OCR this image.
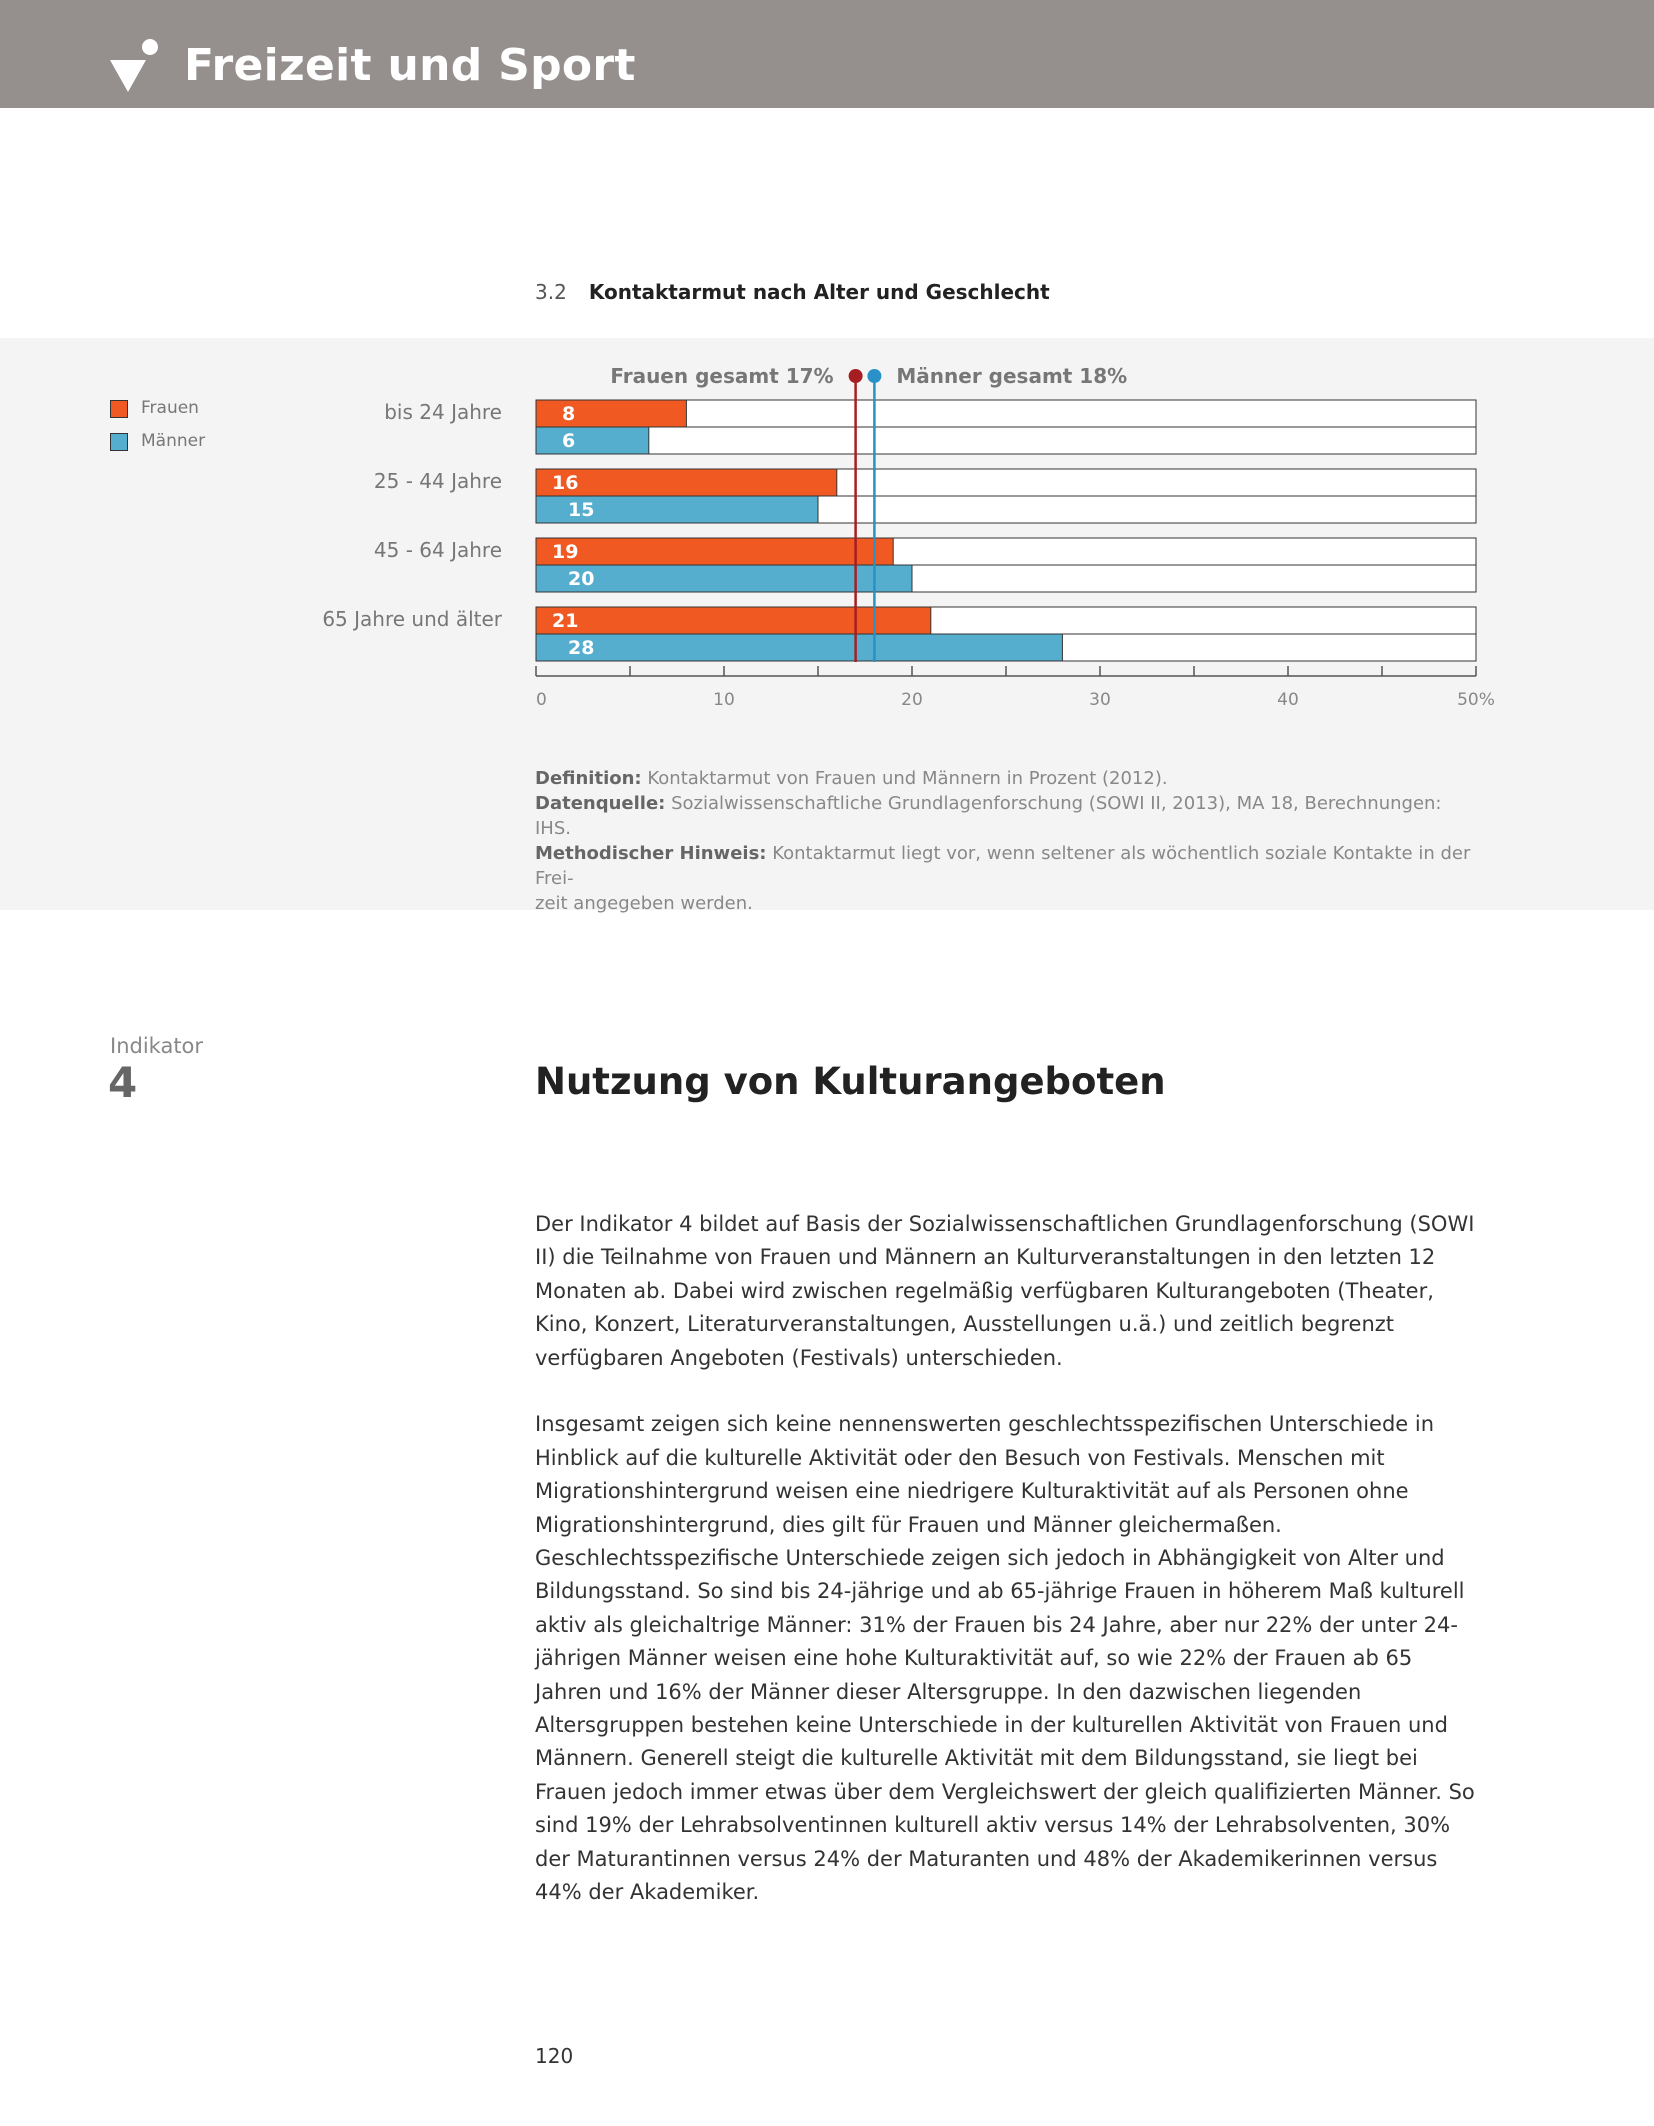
Freizeit und Sport
3.2 Kontaktarmut nach Alter und Geschlecht
Frauen
Männer
bis 24 Jahre	8
6
25 - 44 Jahre	16
15
45 - 64 Jahre	19
20
65 Jahre und älter	21
28
0	10	20	30	40	50%
Frauen gesamt 17%	Männer gesamt 18%

Definition: Kontaktarmut von Frauen und Männern in Prozent (2012).

Datenquelle: Sozialwissenschaftliche Grundlagenforschung (SOWI II, 2013), MA 18, Berechnungen: IHS.

Methodischer Hinweis: Kontaktarmut liegt vor, wenn seltener als wöchentlich soziale Kontakte in der Frei-

zeit angegeben werden.

Indikator
4	Nutzung von Kulturangeboten

Der Indikator 4 bildet auf Basis der Sozialwissenschaftlichen Grundlagenforschung (SOWI II) die Teilnahme von Frauen und Männern an Kulturveranstaltungen in den letzten 12 Monaten ab. Dabei wird zwischen regelmäßig verfügbaren Kulturangeboten (Theater, Kino, Konzert, Literaturveranstaltungen, Ausstellungen u.ä.) und zeitlich begrenzt verfügbaren Angeboten (Festivals) unterschieden.

Insgesamt zeigen sich keine nennenswerten geschlechtsspezifischen Unterschiede in Hinblick auf die kulturelle Aktivität oder den Besuch von Festivals. Menschen mit Migrationshintergrund weisen eine niedrigere Kulturaktivität auf als Personen ohne Migrationshintergrund, dies gilt für Frauen und Männer gleichermaßen. Geschlechtsspezifische Unterschiede zeigen sich jedoch in Abhängigkeit von Alter und Bildungsstand. So sind bis 24-jährige und ab 65-jährige Frauen in höherem Maß kulturell aktiv als gleichaltrige Männer: 31% der Frauen bis 24 Jahre, aber nur 22% der unter 24-jährigen Männer weisen eine hohe Kulturaktivität auf, so wie 22% der Frauen ab 65 Jahren und 16% der Männer dieser Altersgruppe. In den dazwischen liegenden Altersgruppen bestehen keine Unterschiede in der kulturellen Aktivität von Frauen und Männern. Generell steigt die kulturelle Aktivität mit dem Bildungsstand, sie liegt bei Frauen jedoch immer etwas über dem Vergleichswert der gleich qualifizierten Männer. So sind 19% der Lehrabsolventinnen kulturell aktiv versus 14% der Lehrabsolventen, 30% der Maturantinnen versus 24% der Maturanten und 48% der Akademikerinnen versus 44% der Akademiker.

120
